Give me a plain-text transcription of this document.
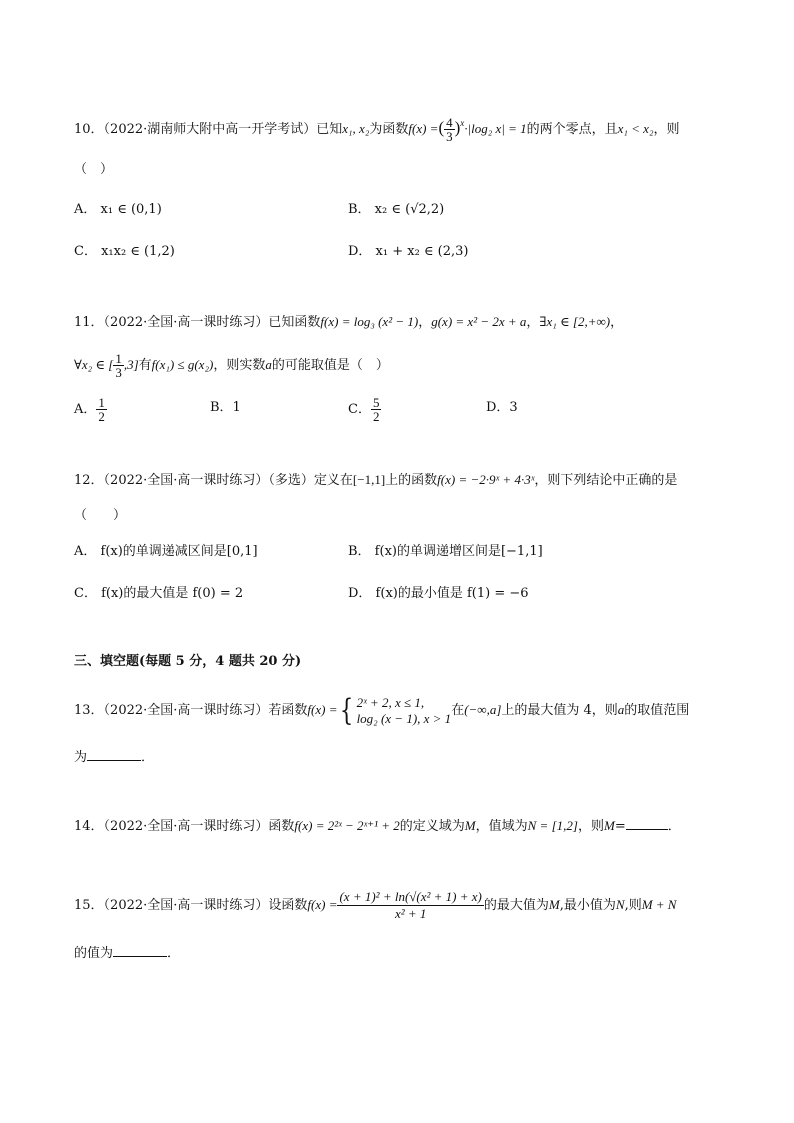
10．（2022·湖南师大附中高一开学考试）已知x₁, x₂为函数f(x) =( $\frac{4}{3} )^x\cdot|\log_2$ x| = 1的两个零点，且x₁ < x₂，则
（　）
A． x₁ ∈ (0,1)	B． x₂ ∈ (√2,2)
C． x₁x₂ ∈ (1,2)	D． x₁ + x₂ ∈ (2,3)
11．（2022·全国·高一课时练习）已知函数f(x) = log₃ (x² − 1)，g(x) = x² − 2x + a，∃x₁ ∈ [2,+∞)，
∀x₂ ∈ [ $\frac{1}{3} ,3$]有f(x₁) ≤ g(x₂)，则实数a的可能取值是（　）
A． $\frac{1}{2}$	B．1	C． $\frac{5}{2}$	D．3
12．（2022·全国·高一课时练习）（多选）定义在[−1,1]上的函数f(x) = −2·9ˣ + 4·3ˣ，则下列结论中正确的是
（　　）
A． f(x)的单调递减区间是[0,1]	B． f(x)的单调递增区间是[−1,1]
C． f(x)的最大值是 f(0) = 2	D． f(x)的最小值是 f(1) = −6
三、填空题(每题 5 分，4 题共 20 分)
13．（2022·全国·高一课时练习）若函数f(x) ={ 2ˣ + 2, x ≤ 1,
log₂ (x − 1), x > 1 在(−∞,a]上的最大值为 4，则a的取值范围
为	．
14．（2022·全国·高一课时练习）函数f(x) = 2²ˣ − 2ˣ⁺¹ + 2的定义域为M，值域为N = [1,2]，则M=	．
15．（2022·全国·高一课时练习）设函数$f(x) = \frac{\text{(x + 1)² + ln(√(x² + 1) + x)}}{\text{x² + 1}}$ 的最大值为M,最小值为N,则M + N
的值为	．
